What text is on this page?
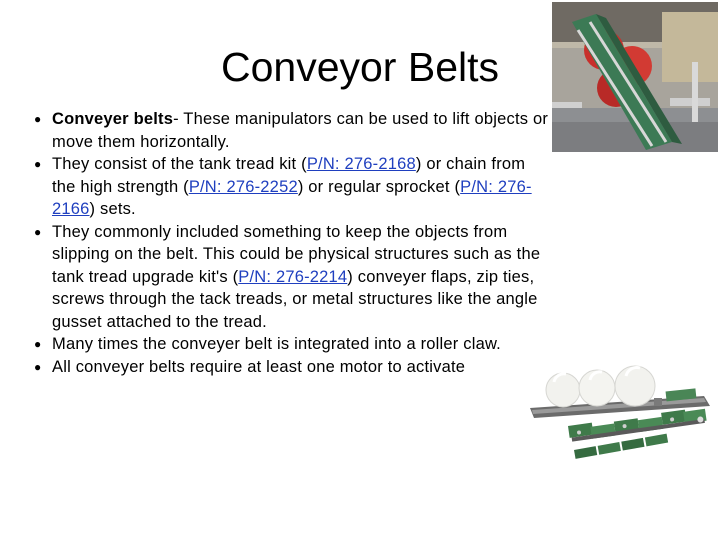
Conveyor Belts
● Conveyer belts- These manipulators can be used to lift objects or move them horizontally.
● They consist of the tank tread kit (P/N: 276-2168) or chain from the high strength (P/N: 276-2252) or regular sprocket (P/N: 276-2166) sets.
● They commonly included something to keep the objects from slipping on the belt. This could be physical structures such as the tank tread upgrade kit's (P/N: 276-2214) conveyer flaps, zip ties, screws through the tack treads, or metal structures like the angle gusset attached to the tread.
● Many times the conveyer belt is integrated into a roller claw.
● All conveyer belts require at least one motor to activate
